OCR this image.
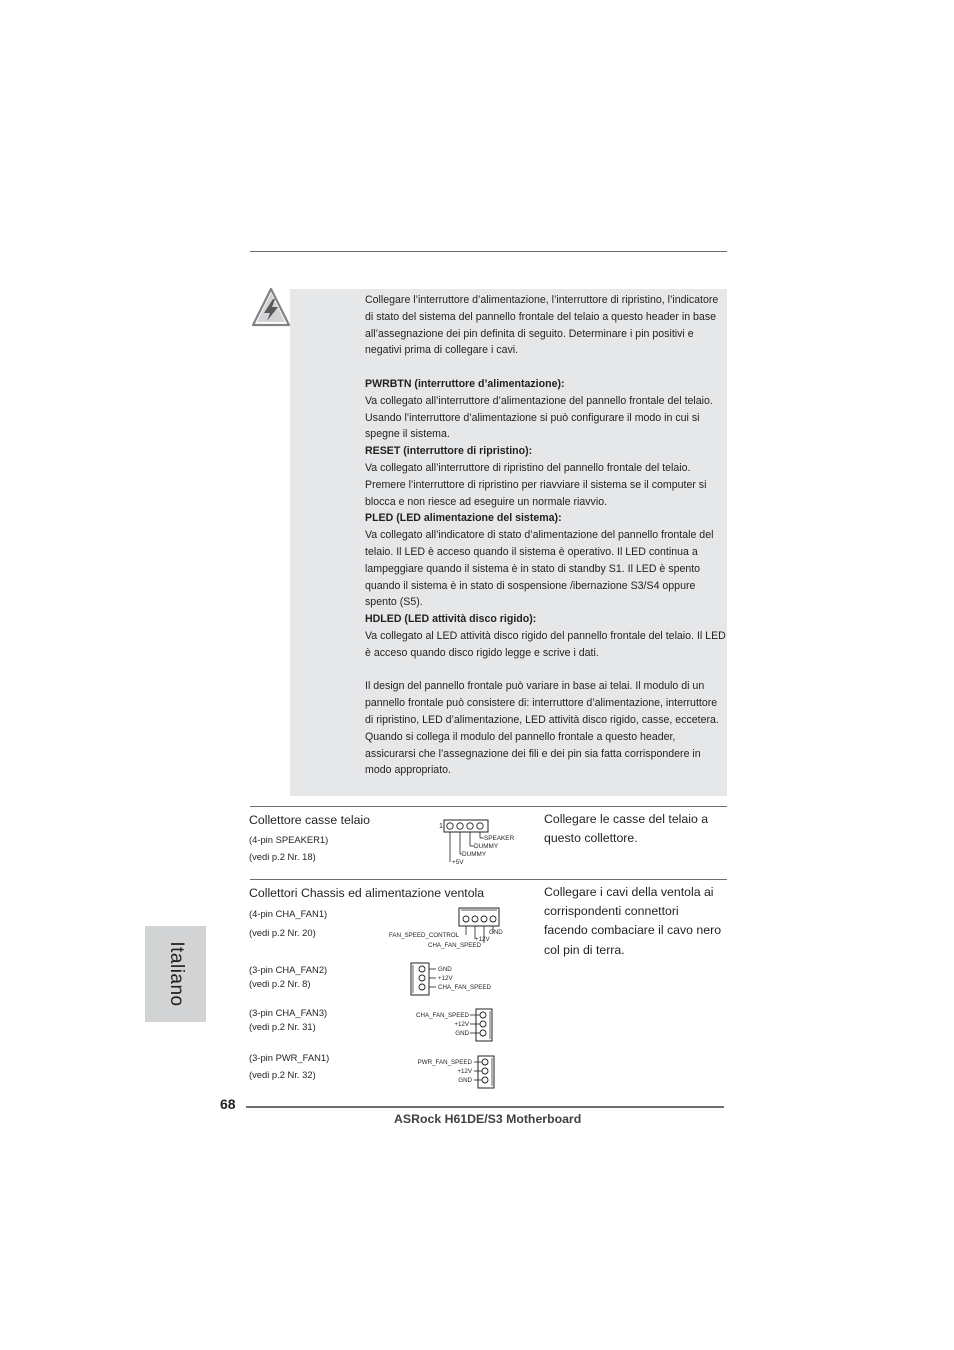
Collegare l’interruttore d’alimentazione, l’interruttore di ripristino, l’indicatore di stato del sistema del pannello frontale del telaio a questo header in base all’assegnazione dei pin definita di seguito. Determinare i pin positivi e negativi prima di collegare i cavi.

PWRBTN (interruttore d’alimentazione):

Va collegato all’interruttore d’alimentazione del pannello frontale del telaio. Usando l’interruttore d’alimentazione si può configurare il modo in cui si spegne il sistema.

RESET (interruttore di ripristino):

Va collegato all’interruttore di ripristino del pannello frontale del telaio. Premere l’interruttore di ripristino per riavviare il sistema se il computer si blocca e non riesce ad eseguire un normale riavvio.

PLED (LED alimentazione del sistema):

Va collegato all’indicatore di stato d’alimentazione del pannello frontale del telaio. Il LED è acceso quando il sistema è operativo. Il LED continua a lampeggiare quando il sistema è in stato di standby S1. Il LED è spento quando il sistema è in stato di sospensione /ibernazione S3/S4 oppure spento (S5).

HDLED (LED attività disco rigido):

Va collegato al LED attività disco rigido del pannello frontale del telaio. Il LED è acceso quando disco rigido legge e scrive i dati.

Il design del pannello frontale può variare in base ai telai. Il modulo di un pannello frontale può consistere di: interruttore d’alimentazione, interruttore di ripristino, LED d’alimentazione, LED attività disco rigido, casse, eccetera. Quando si collega il modulo del pannello frontale a questo header, assicurarsi che l’assegnazione dei fili e dei pin sia fatta corrispondere in modo appropriato.

Collettore casse telaio
(4-pin SPEAKER1)
(vedi p.2 Nr. 18)
Collegare le casse del telaio a questo collettore.
1
SPEAKER
DUMMY
DUMMY
+5V
Collettori Chassis ed alimentazione ventola	Collegare i cavi della ventola ai corrispondenti connettori facendo combaciare il cavo nero col pin di terra.
(4-pin CHA_FAN1)
(vedi p.2 Nr. 20)	FAN_SPEED_CONTROL
+12V
GND
CHA_FAN_SPEED
(3-pin CHA_FAN2)
(vedi p.2 Nr. 8)
GND
+12V
CHA_FAN_SPEED
(3-pin CHA_FAN3)
(vedi p.2 Nr. 31)
CHA_FAN_SPEED
+12V
GND
(3-pin PWR_FAN1)
(vedi p.2 Nr. 32)
PWR_FAN_SPEED
+12V
GND
Italiano
68
ASRock H61DE/S3 Motherboard
